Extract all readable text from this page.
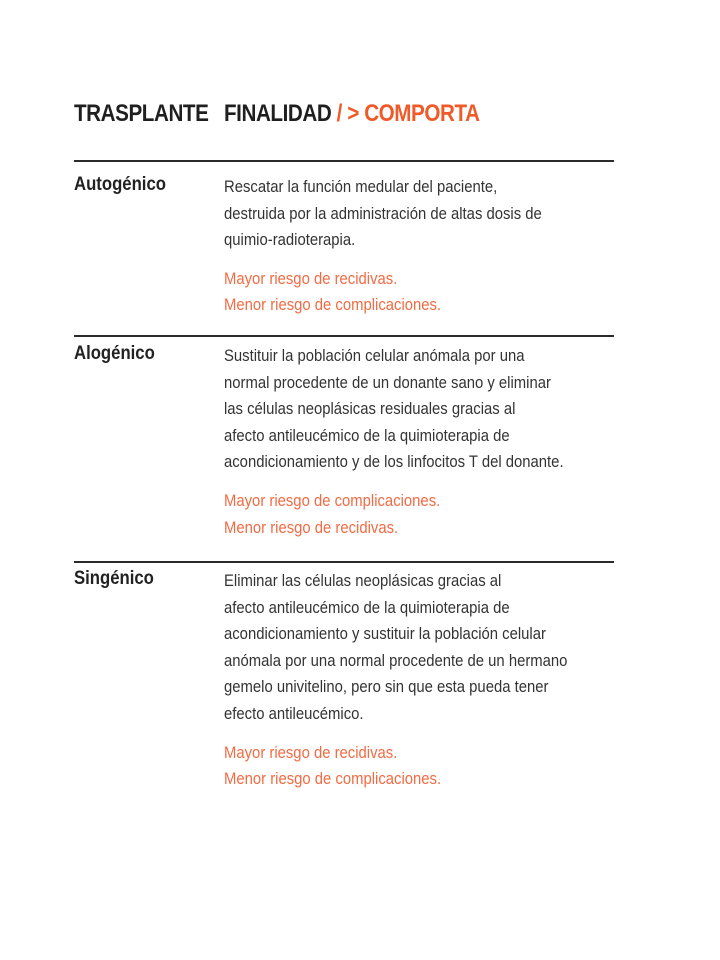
TRASPLANTE FINALIDAD / > COMPORTA
Autogénico	Rescatar la función medular del paciente,
destruida por la administración de altas dosis de
quimio-radioterapia.
Mayor riesgo de recidivas.
Menor riesgo de complicaciones.
Alogénico	Sustituir la población celular anómala por una
normal procedente de un donante sano y eliminar
las células neoplásicas residuales gracias al
afecto antileucémico de la quimioterapia de
acondicionamiento y de los linfocitos T del donante.
Mayor riesgo de complicaciones.
Menor riesgo de recidivas.
Singénico	Eliminar las células neoplásicas gracias al
afecto antileucémico de la quimioterapia de
acondicionamiento y sustituir la población celular
anómala por una normal procedente de un hermano
gemelo univitelino, pero sin que esta pueda tener
efecto antileucémico.
Mayor riesgo de recidivas.
Menor riesgo de complicaciones.
